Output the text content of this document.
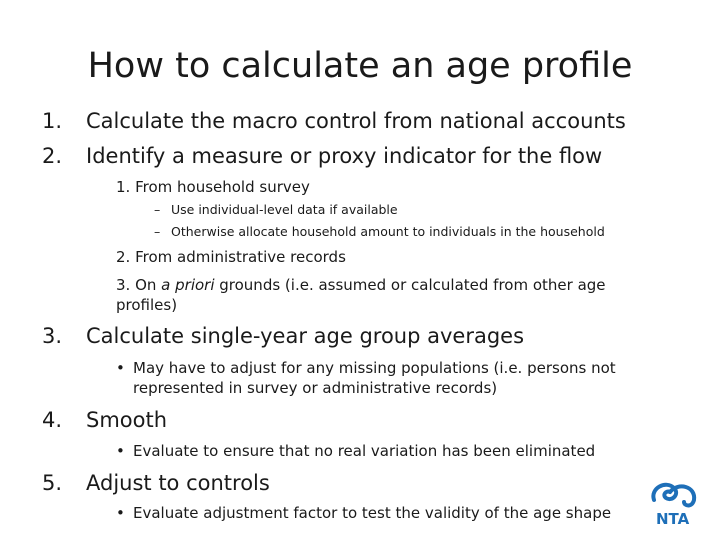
How to calculate an age profile
1. Calculate the macro control from national accounts
2. Identify a measure or proxy indicator for the flow
1. From household survey
– Use individual-level data if available
– Otherwise allocate household amount to individuals in the household
2. From administrative records
3. On a priori grounds (i.e. assumed or calculated from other age
profiles)
3. Calculate single-year age group averages
• May have to adjust for any missing populations (i.e. persons not
represented in survey or administrative records)
4. Smooth
• Evaluate to ensure that no real variation has been eliminated
5. Adjust to controls
• Evaluate adjustment factor to test the validity of the age shape	NTA
